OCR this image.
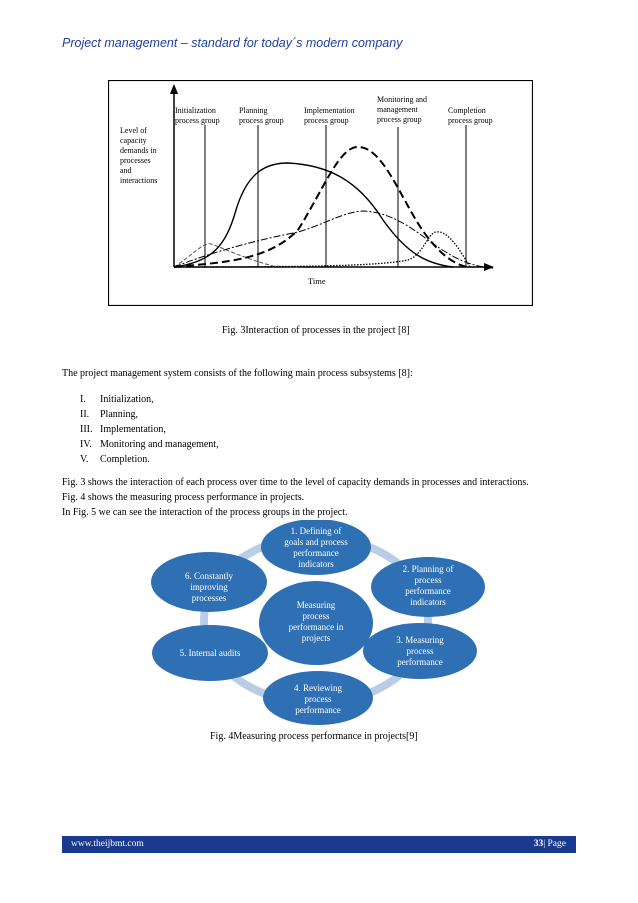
Project management – standard for today´s modern company
Level of capacity demands in processes and interactions
Time
Initialization process group
Planning process group
Implementation process group
Monitoring and management process group
Completion process group
Fig. 3Interaction of processes in the project [8]
The project management system consists of the following main process subsystems [8]:
I. Initialization,
II. Planning,
III. Implementation,
IV. Monitoring and management,
V. Completion.
Fig. 3 shows the interaction of each process over time to the level of capacity demands in processes and interactions.
Fig. 4 shows the measuring process performance in projects.
In Fig. 5 we can see the interaction of the process groups in the project.
Measuring process performance in projects
1. Defining of goals and process performance indicators	2. Planning of process performance indicators
3. Measuring process performance
4. Reviewing process performance
5. Internal audits
6. Constantly improving processes
Fig. 4Measuring process performance in projects[9]
www.theijbmt.com	33| Page
